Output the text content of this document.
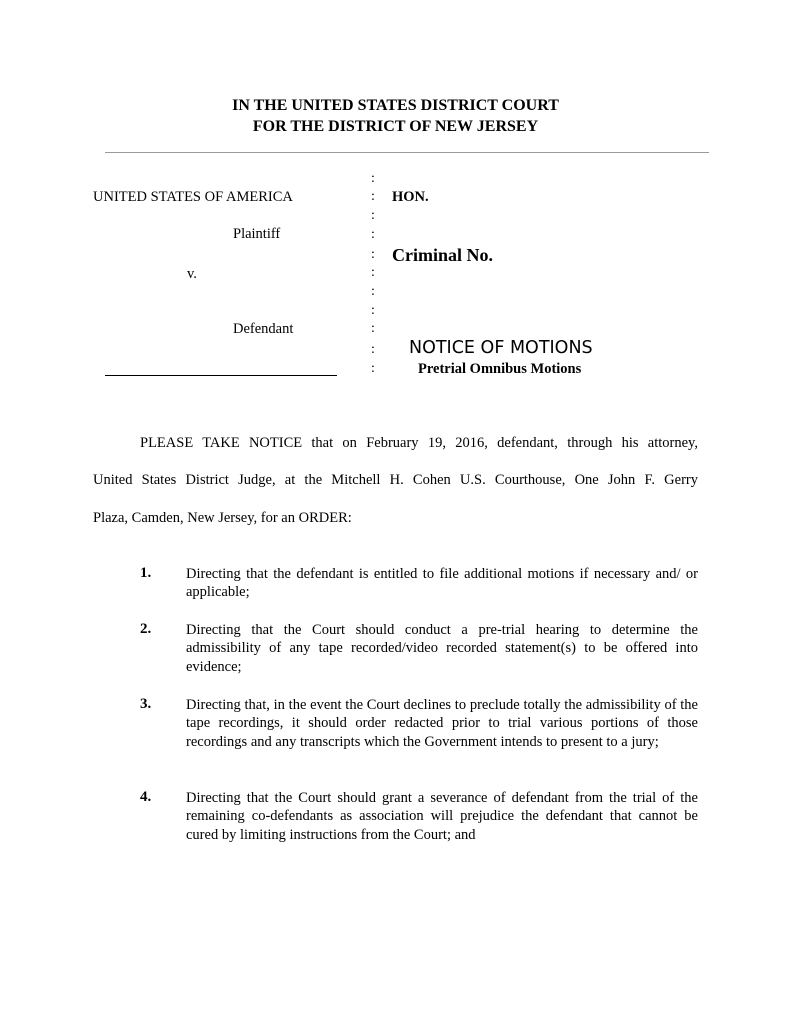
IN THE UNITED STATES DISTRICT COURT
FOR THE DISTRICT OF NEW JERSEY
UNITED STATES OF AMERICA
Plaintiff
v.
Defendant
:
:
:
:
:
:
:
:
:
:
:
HON.
Criminal No.
NOTICE OF MOTIONS
Pretrial Omnibus Motions
PLEASE TAKE NOTICE that on February 19, 2016, defendant, through his attorney,
United States District Judge, at the Mitchell H. Cohen U.S. Courthouse, One John F. Gerry
Plaza, Camden, New Jersey, for an ORDER:
1. Directing that the defendant is entitled to file additional motions if necessary and/ or applicable;
2. Directing that the Court should conduct a pre-trial hearing to determine the admissibility of any tape recorded/video recorded statement(s) to be offered into evidence;
3. Directing that, in the event the Court declines to preclude totally the admissibility of the tape recordings, it should order redacted prior to trial various portions of those recordings and any transcripts which the Government intends to present to a jury;
4. Directing that the Court should grant a severance of defendant from the trial of the remaining co-defendants as association will prejudice the defendant that cannot be cured by limiting instructions from the Court; and
